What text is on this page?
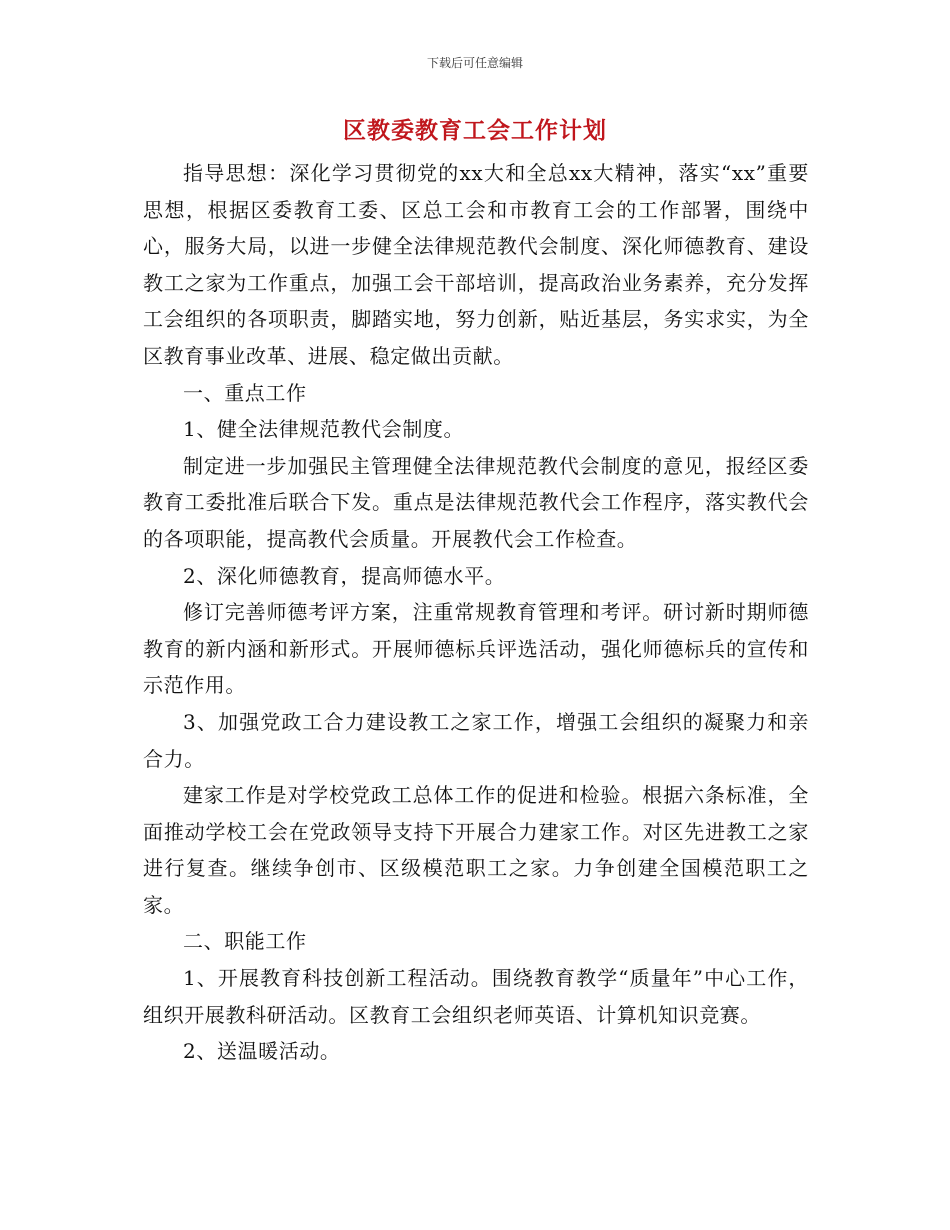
下载后可任意编辑
区教委教育工会工作计划

指导思想：深化学习贯彻党的xx大和全总xx大精神，落实“xx”重要思想，根据区委教育工委、区总工会和市教育工会的工作部署，围绕中心，服务大局，以进一步健全法律规范教代会制度、深化师德教育、建设教工之家为工作重点，加强工会干部培训，提高政治业务素养，充分发挥工会组织的各项职责，脚踏实地，努力创新，贴近基层，务实求实，为全区教育事业改革、进展、稳定做出贡献。

一、重点工作

1、健全法律规范教代会制度。

制定进一步加强民主管理健全法律规范教代会制度的意见，报经区委教育工委批准后联合下发。重点是法律规范教代会工作程序，落实教代会的各项职能，提高教代会质量。开展教代会工作检查。

2、深化师德教育，提高师德水平。

修订完善师德考评方案，注重常规教育管理和考评。研讨新时期师德教育的新内涵和新形式。开展师德标兵评选活动，强化师德标兵的宣传和示范作用。

3、加强党政工合力建设教工之家工作，增强工会组织的凝聚力和亲合力。

建家工作是对学校党政工总体工作的促进和检验。根据六条标准，全面推动学校工会在党政领导支持下开展合力建家工作。对区先进教工之家进行复查。继续争创市、区级模范职工之家。力争创建全国模范职工之家。

二、职能工作

1、开展教育科技创新工程活动。围绕教育教学“质量年”中心工作，组织开展教科研活动。区教育工会组织老师英语、计算机知识竞赛。

2、送温暖活动。
